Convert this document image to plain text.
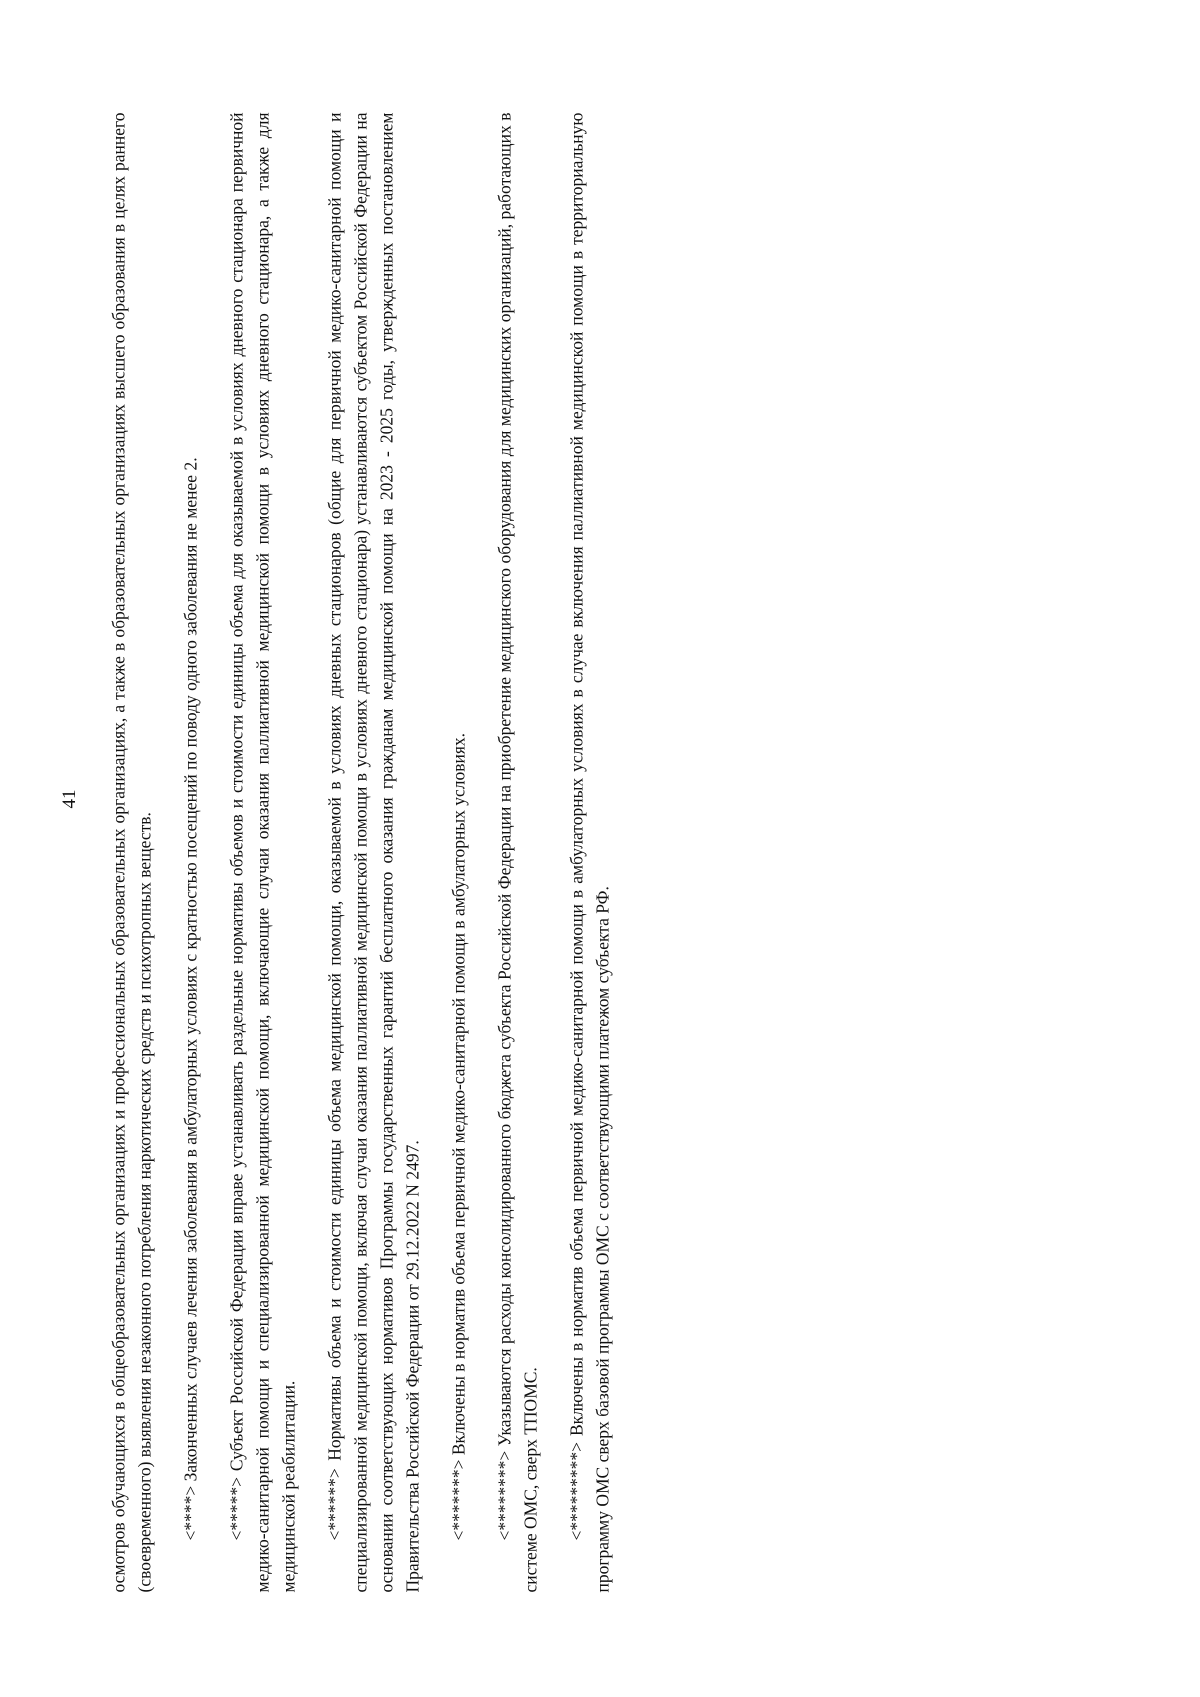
41 осмотров обучающихся в общеобразовательных организациях и профессиональных образовательных организациях, а также в образовательных организациях высшего образования в целях раннего (своевременного) выявления незаконного потребления наркотических средств и психотропных веществ. <****> Законченных случаев лечения заболевания в амбулаторных условиях с кратностью посещений по поводу одного заболевания не менее 2. <*****> Субъект Российской Федерации вправе устанавливать раздельные нормативы объемов и стоимости единицы объема для оказываемой в условиях дневного стационара первичной медико-санитарной помощи и специализированной медицинской помощи, включающие случаи оказания паллиативной медицинской помощи в условиях дневного стационара, а также для медицинской реабилитации. <******> Нормативы объема и стоимости единицы объема медицинской помощи, оказываемой в условиях дневных стационаров (общие для первичной медико-санитарной помощи и специализированной медицинской помощи, включая случаи оказания паллиативной медицинской помощи в условиях дневного стационара) устанавливаются субъектом Российской Федерации на основании соответствующих нормативов Программы государственных гарантий бесплатного оказания гражданам медицинской помощи на 2023 - 2025 годы, утвержденных постановлением Правительства Российской Федерации от 29.12.2022 N 2497. <*******> Включены в норматив объема первичной медико-санитарной помощи в амбулаторных условиях. <********> Указываются расходы консолидированного бюджета субъекта Российской Федерации на приобретение медицинского оборудования для медицинских организаций, работающих в системе ОМС, сверх ТПОМС. <*********> Включены в норматив объема первичной медико-санитарной помощи в амбулаторных условиях в случае включения паллиативной медицинской помощи в территориальную программу ОМС сверх базовой программы ОМС с соответствующими платежом субъекта РФ.
